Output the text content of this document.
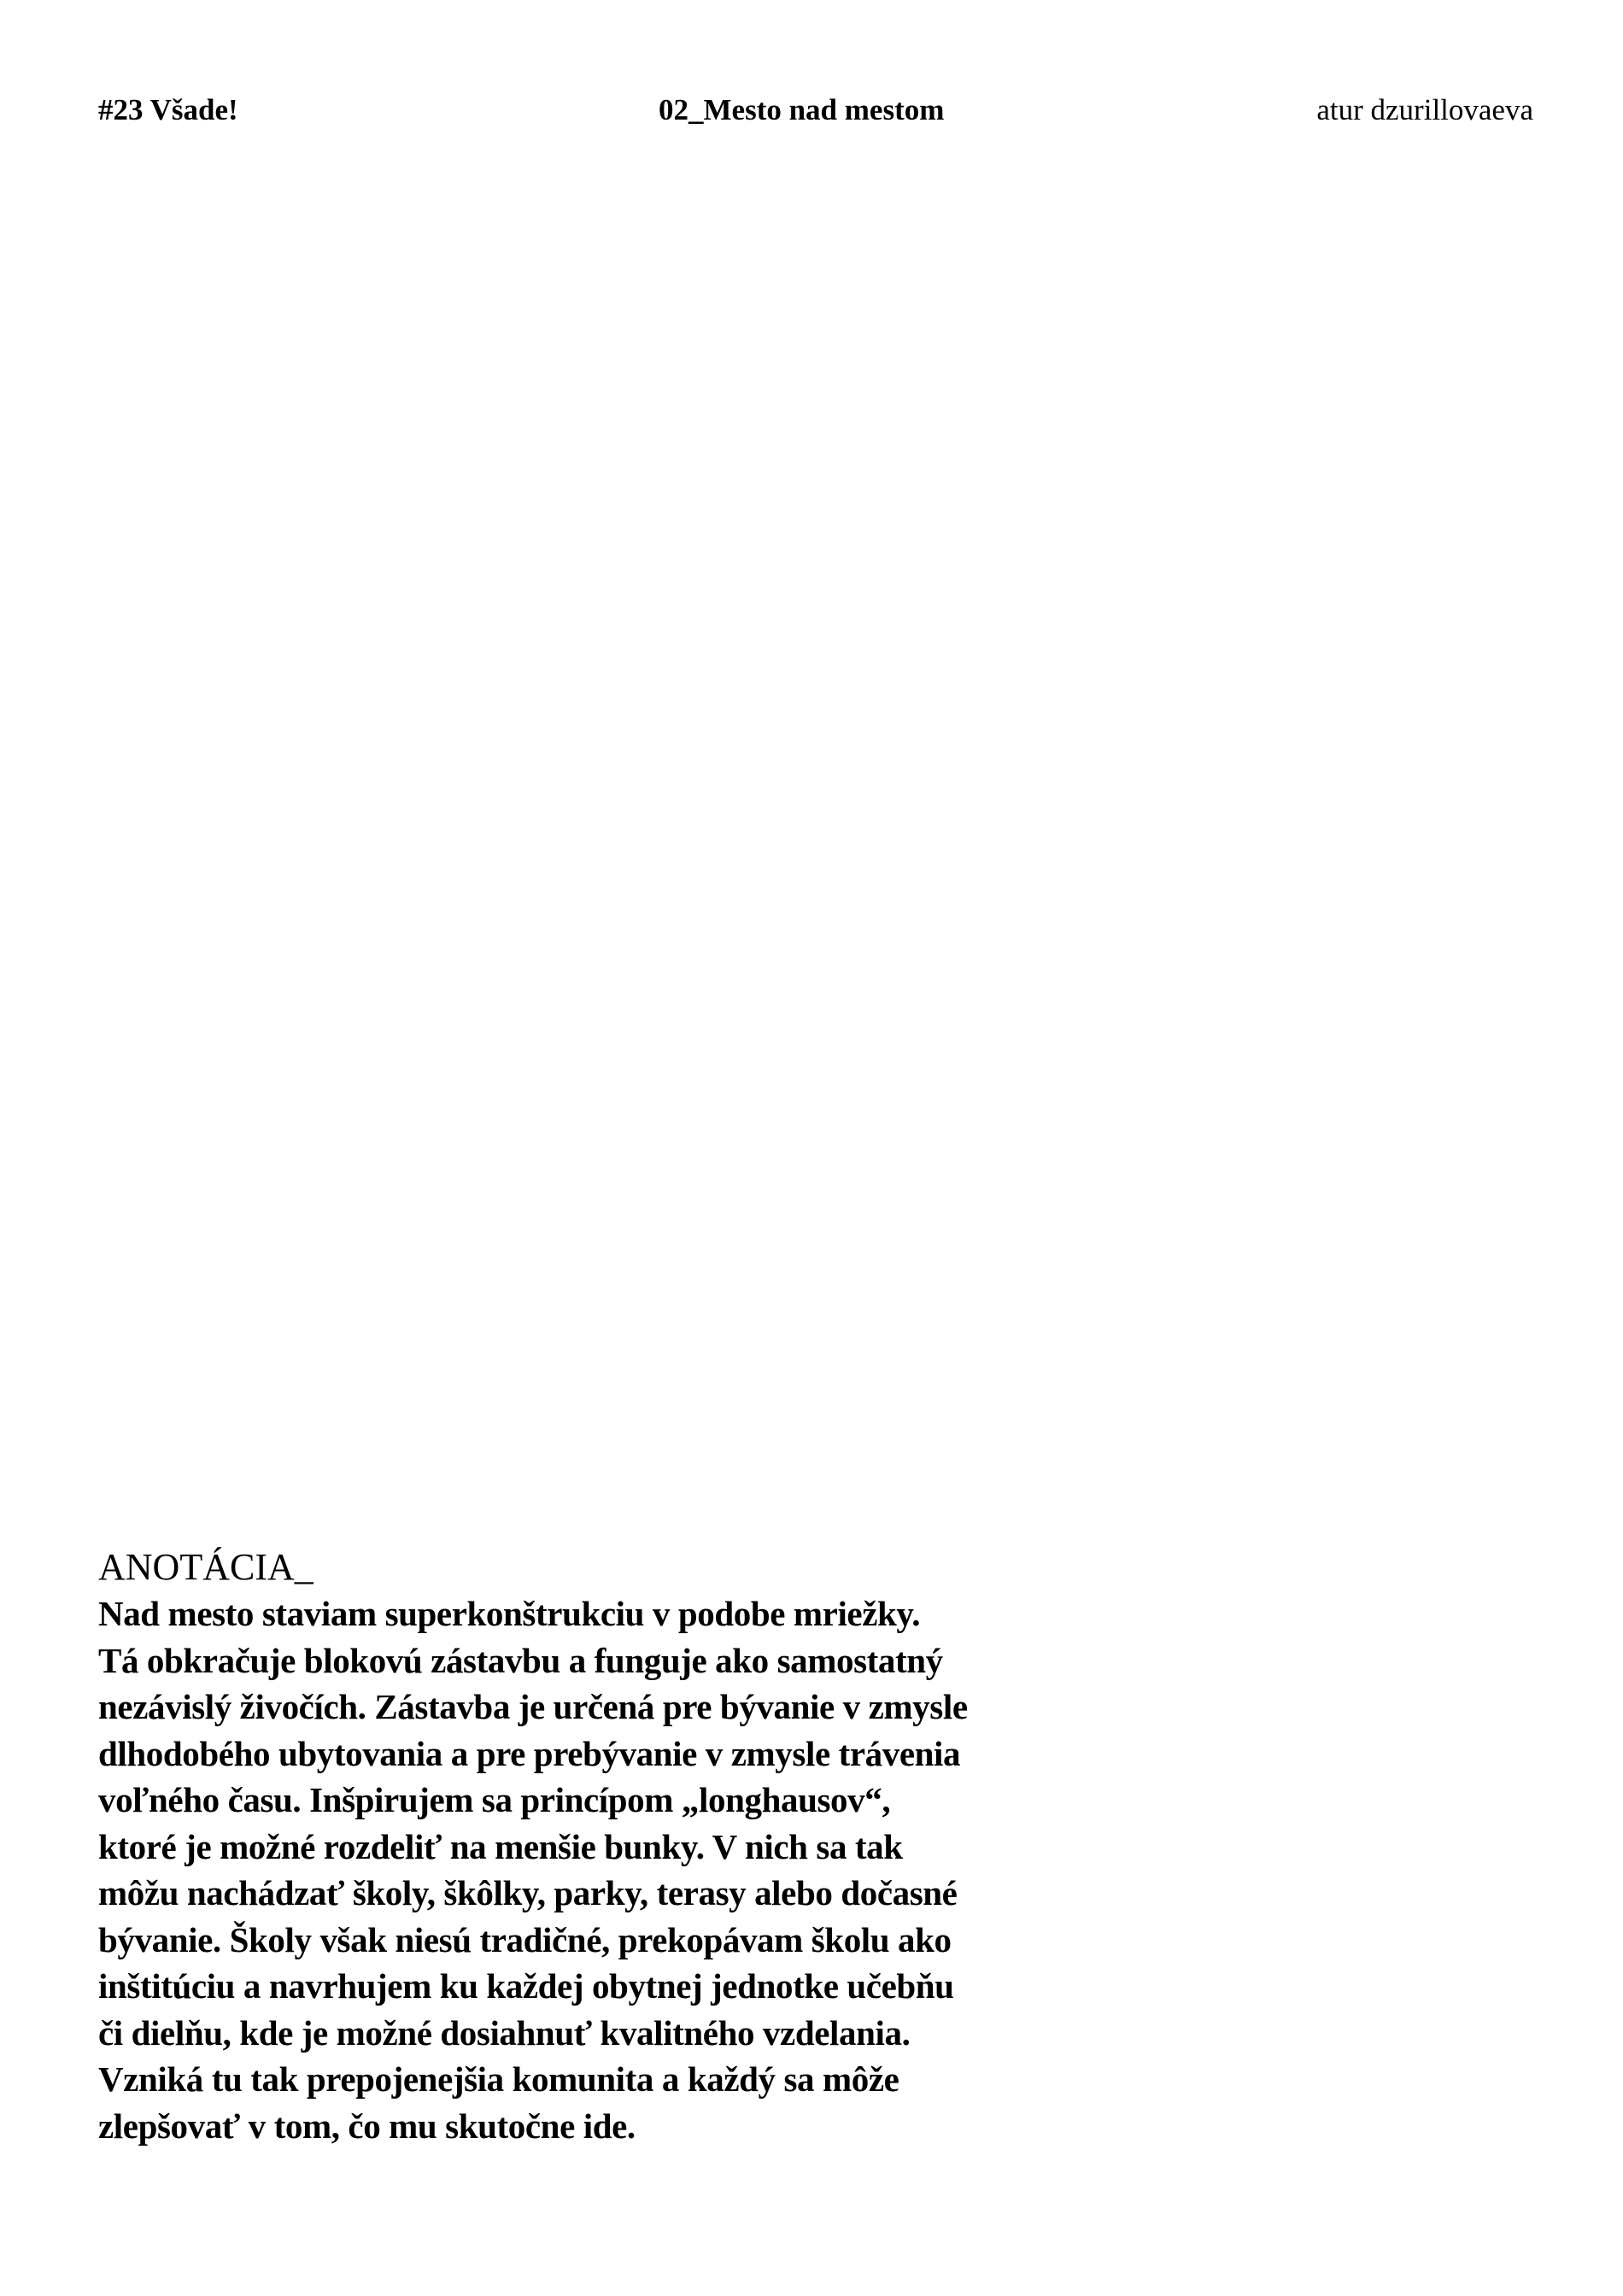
#23 Všade!	02_Mesto nad mestom	atur dzurillovaeva
ANOTÁCIA_

Nad mesto staviam superkonštrukciu v podobe mriežky.
Tá obkračuje blokovú zástavbu a funguje ako samostatný
nezávislý živočích. Zástavba je určená pre bývanie v zmysle
dlhodobého ubytovania a pre prebývanie v zmysle trávenia
voľného času. Inšpirujem sa princípom „longhausov“,
ktoré je možné rozdeliť na menšie bunky. V nich sa tak
môžu nachádzať školy, škôlky, parky, terasy alebo dočasné
bývanie. Školy však niesú tradičné, prekopávam školu ako
inštitúciu a navrhujem ku každej obytnej jednotke učebňu
či dielňu, kde je možné dosiahnuť kvalitného vzdelania.
Vzniká tu tak prepojenejšia komunita a každý sa môže
zlepšovať v tom, čo mu skutočne ide.
